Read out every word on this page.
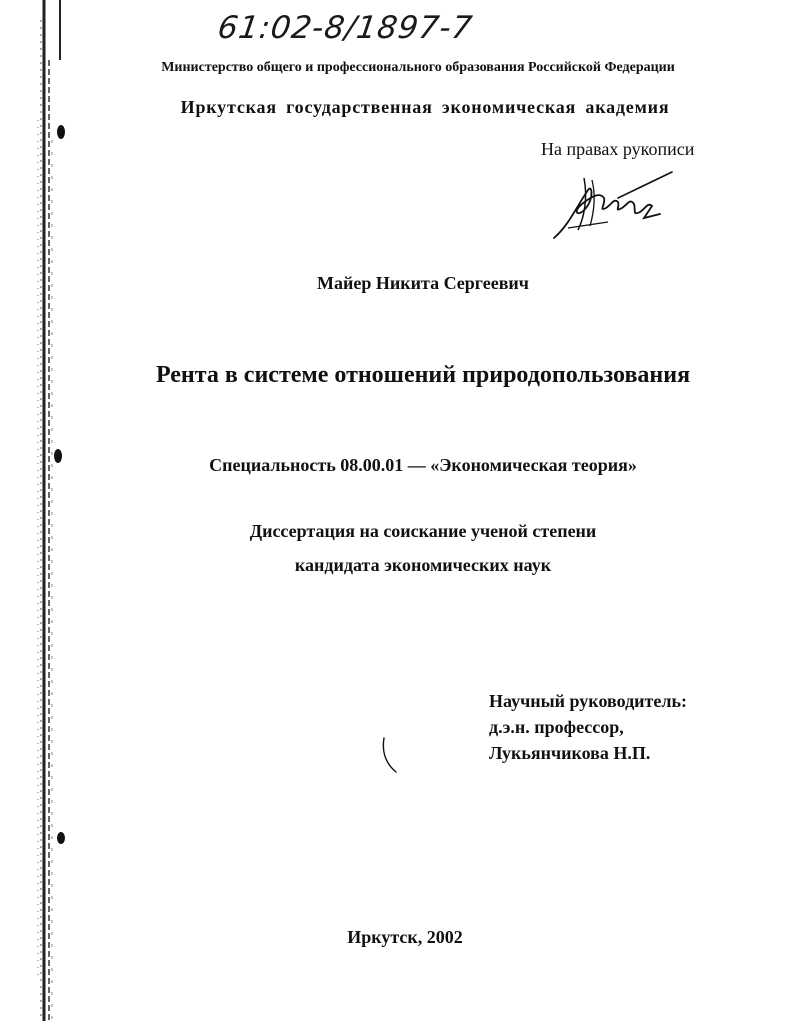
61:02-8/1897-7
Министерство общего и профессионального образования Российской Федерации
Иркутская государственная экономическая академия
На правах рукописи
Майер Никита Сергеевич
Рента в системе отношений природопользования
Специальность 08.00.01 — «Экономическая теория»
Диссертация на соискание ученой степени
кандидата экономических наук
Научный руководитель:
д.э.н. профессор,
Лукьянчикова Н.П.
Иркутск, 2002
